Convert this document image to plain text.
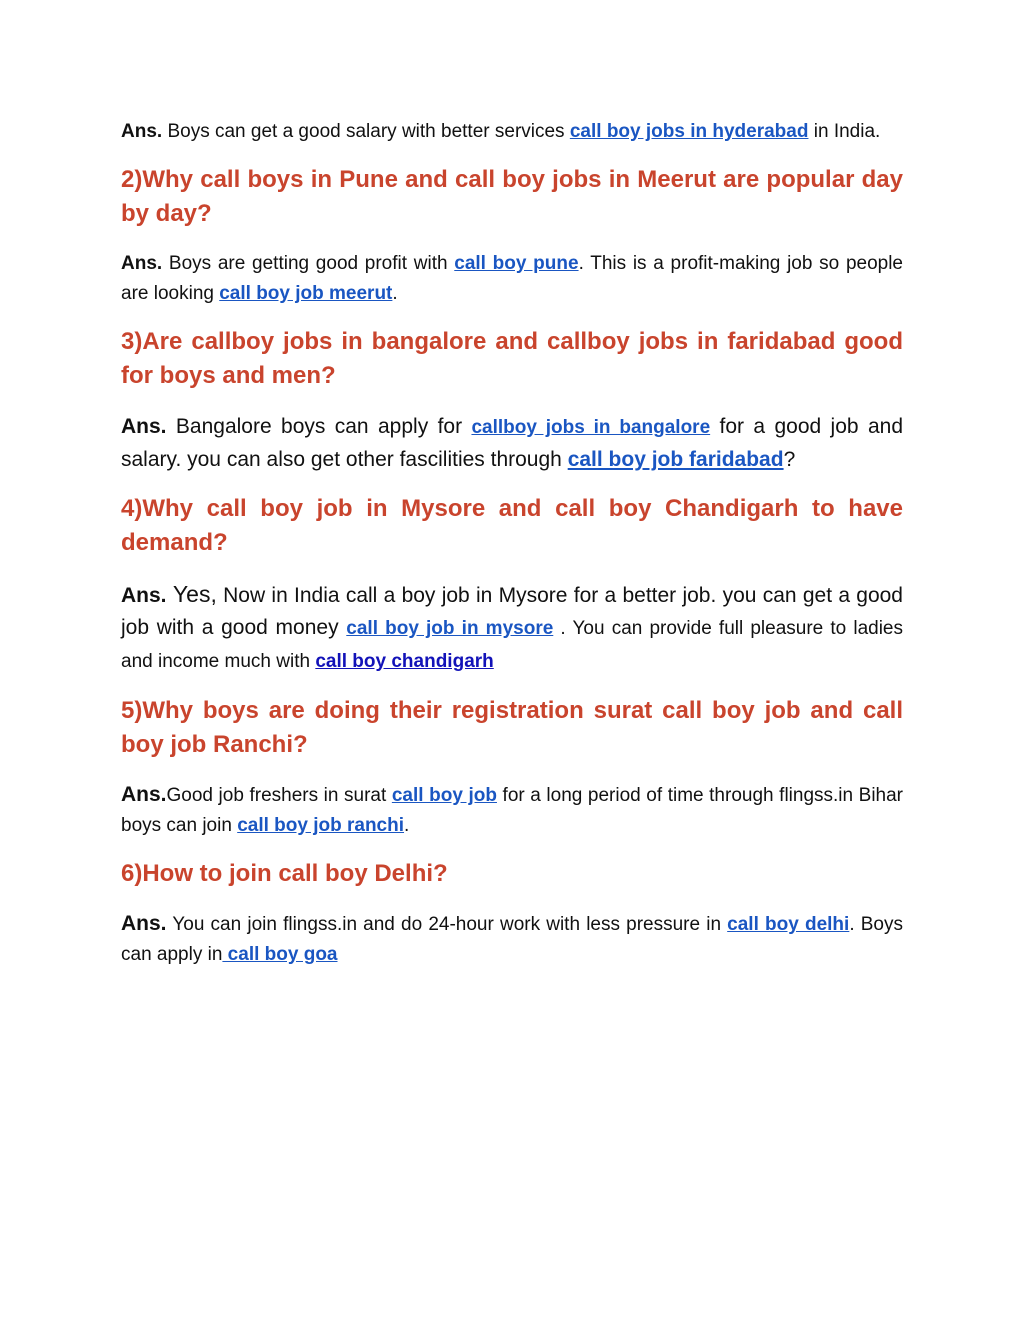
Ans. Boys can get a good salary with better services call boy jobs in hyderabad in India.

2)Why call boys in Pune and call boy jobs in Meerut are popular day by day?

Ans. Boys are getting good profit with call boy pune. This is a profit-making job so people are looking call boy job meerut.

3)Are callboy jobs in bangalore and callboy jobs in faridabad good for boys and men?

Ans. Bangalore boys can apply for callboy jobs in bangalore for a good job and salary. you can also get other fascilities through call boy job faridabad?

4)Why call boy job in Mysore and call boy Chandigarh to have demand?

Ans. Yes, Now in India call a boy job in Mysore for a better job. you can get a good job with a good money call boy job in mysore . You can provide full pleasure to ladies and income much with call boy chandigarh

5)Why boys are doing their registration surat call boy job and call boy job Ranchi?

Ans.Good job freshers in surat call boy job for a long period of time through flingss.in Bihar boys can join call boy job ranchi.

6)How to join call boy Delhi?

Ans. You can join flingss.in and do 24-hour work with less pressure in call boy delhi. Boys can apply in call boy goa
